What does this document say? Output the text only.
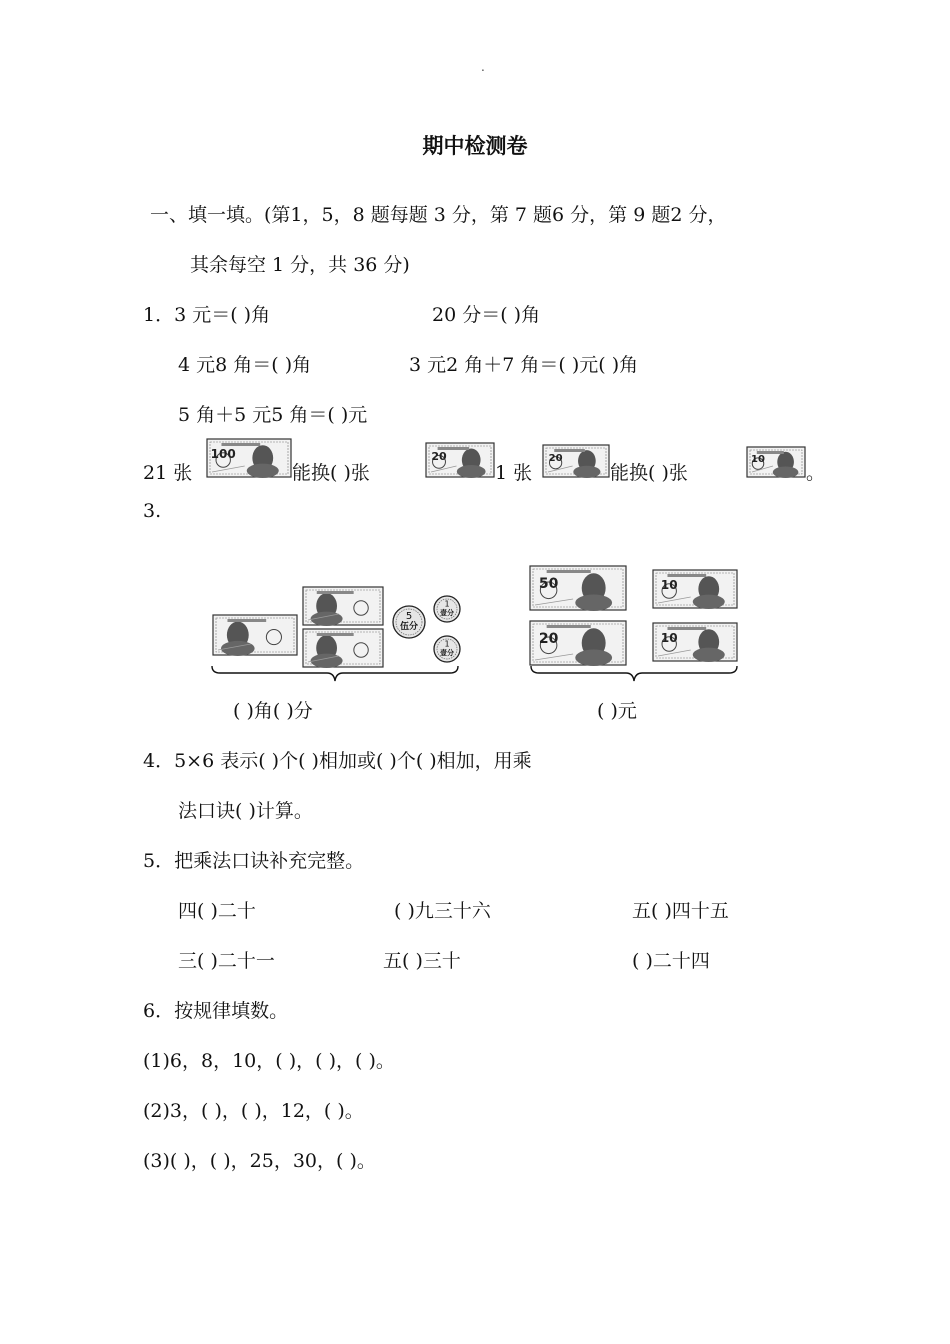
.
期中检测卷
一、填一填。(第1，5，8 题每题 3 分，第 7 题6 分，第 9 题2 分，
其余每空 1 分，共 36 分)
1．3 元＝( )角	20 分＝( )角
4 元8 角＝( )角	3 元2 角＋7 角＝( )元( )角
5 角＋5 元5 角＝( )元
21 张
100
能换( )张
20
1 张
20
能换( )张
10
。
3.
5
伍分
1
壹分
1
壹分
( )角( )分
50	10
20	10
( )元
4．5×6 表示( )个( )相加或( )个( )相加，用乘
法口诀( )计算。
5．把乘法口诀补充完整。
四( )二十	( )九三十六	五( )四十五
三( )二十一	五( )三十	( )二十四
6．按规律填数。
(1)6，8，10，( )，( )，( )。
(2)3，( )，( )，12，( )。
(3)( )，( )，25，30，( )。
